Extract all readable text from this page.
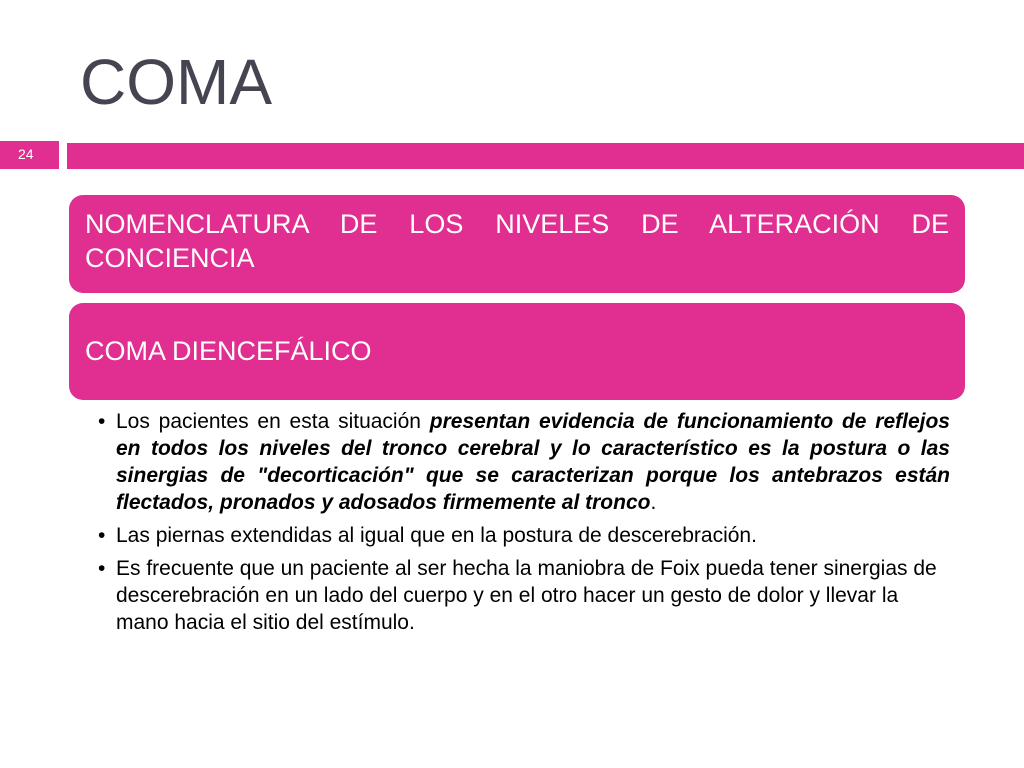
COMA
24
NOMENCLATURA DE LOS NIVELES DE ALTERACIÓN DE CONCIENCIA
COMA DIENCEFÁLICO
• Los pacientes en esta situación presentan evidencia de funcionamiento de reflejos en todos los niveles del tronco cerebral y lo característico es la postura o las sinergias de "decorticación" que se caracterizan porque los antebrazos están flectados, pronados y adosados firmemente al tronco.
• Las piernas extendidas al igual que en la postura de descerebración.
• Es frecuente que un paciente al ser hecha la maniobra de Foix pueda tener sinergias de descerebración en un lado del cuerpo y en el otro hacer un gesto de dolor y llevar la mano hacia el sitio del estímulo.
